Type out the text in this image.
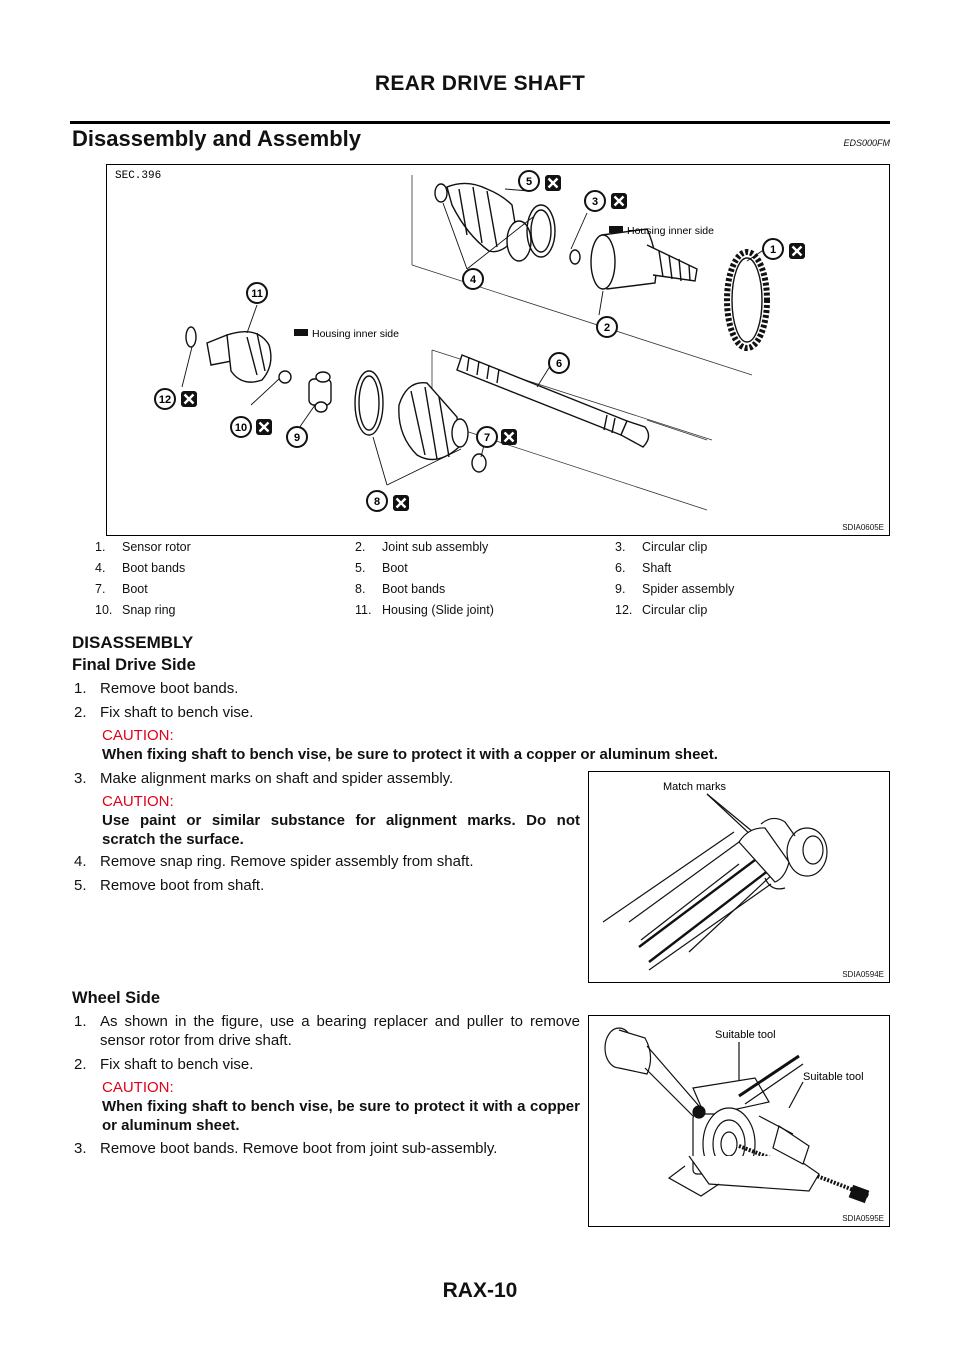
REAR DRIVE SHAFT
Disassembly and Assembly	EDS000FM
SEC.396
Housing inner side
Housing inner side
1
2
3
4
5
6
7
8
9
10
11
12
SDIA0605E
1.	Sensor rotor	2.	Joint sub assembly	3.	Circular clip
4.	Boot bands	5.	Boot	6.	Shaft
7.	Boot	8.	Boot bands	9.	Spider assembly
10.	Snap ring	11.	Housing (Slide joint)	12.	Circular clip
DISASSEMBLY
Final Drive Side
1. Remove boot bands.
2. Fix shaft to bench vise.
CAUTION:
When fixing shaft to bench vise, be sure to protect it with a copper or aluminum sheet.
3. Make alignment marks on shaft and spider assembly.
CAUTION:
Use paint or similar substance for alignment marks. Do not scratch the surface.
4. Remove snap ring. Remove spider assembly from shaft.
5. Remove boot from shaft.
Match marks
SDIA0594E
Wheel Side
1. As shown in the figure, use a bearing replacer and puller to remove sensor rotor from drive shaft.
2. Fix shaft to bench vise.
CAUTION:
When fixing shaft to bench vise, be sure to protect it with a copper or aluminum sheet.
3. Remove boot bands. Remove boot from joint sub-assembly.
Suitable tool
Suitable tool
SDIA0595E
RAX-10
